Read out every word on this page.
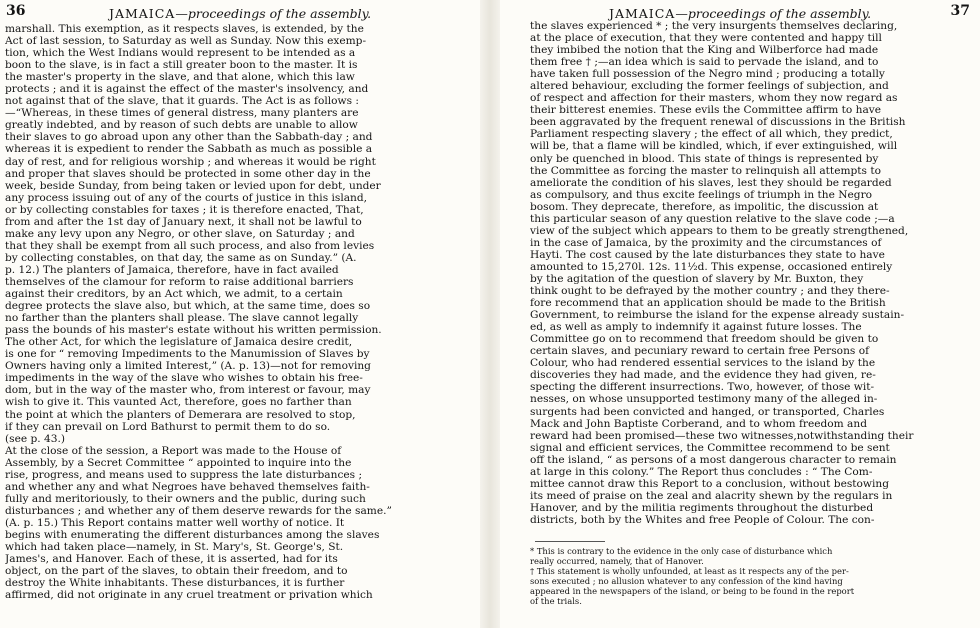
36	JAMAICA—proceedings of the assembly.
marshall. This exemption, as it respects slaves, is extended, by the
Act of last session, to Saturday as well as Sunday. Now this exemp-
tion, which the West Indians would represent to be intended as a
boon to the slave, is in fact a still greater boon to the master. It is
the master's property in the slave, and that alone, which this law
protects ; and it is against the effect of the master's insolvency, and
not against that of the slave, that it guards. The Act is as follows :
—“Whereas, in these times of general distress, many planters are
greatly indebted, and by reason of such debts are unable to allow
their slaves to go abroad upon any other than the Sabbath-day ; and
whereas it is expedient to render the Sabbath as much as possible a
day of rest, and for religious worship ; and whereas it would be right
and proper that slaves should be protected in some other day in the
week, beside Sunday, from being taken or levied upon for debt, under
any process issuing out of any of the courts of justice in this island,
or by collecting constables for taxes ; it is therefore enacted, That,
from and after the 1st day of January next, it shall not be lawful to
make any levy upon any Negro, or other slave, on Saturday ; and
that they shall be exempt from all such process, and also from levies
by collecting constables, on that day, the same as on Sunday.” (A.
p. 12.) The planters of Jamaica, therefore, have in fact availed
themselves of the clamour for reform to raise additional barriers
against their creditors, by an Act which, we admit, to a certain
degree protects the slave also, but which, at the same time, does so
no farther than the planters shall please. The slave cannot legally
pass the bounds of his master's estate without his written permission.
The other Act, for which the legislature of Jamaica desire credit,
is one for “ removing Impediments to the Manumission of Slaves by
Owners having only a limited Interest,” (A. p. 13)—not for removing
impediments in the way of the slave who wishes to obtain his free-
dom, but in the way of the master who, from interest or favour, may
wish to give it. This vaunted Act, therefore, goes no farther than
the point at which the planters of Demerara are resolved to stop,
if they can prevail on Lord Bathurst to permit them to do so.
(see p. 43.)
At the close of the session, a Report was made to the House of
Assembly, by a Secret Committee “ appointed to inquire into the
rise, progress, and means used to suppress the late disturbances ;
and whether any and what Negroes have behaved themselves faith-
fully and meritoriously, to their owners and the public, during such
disturbances ; and whether any of them deserve rewards for the same.”
(A. p. 15.) This Report contains matter well worthy of notice. It
begins with enumerating the different disturbances among the slaves
which had taken place—namely, in St. Mary's, St. George's, St.
James's, and Hanover. Each of these, it is asserted, had for its
object, on the part of the slaves, to obtain their freedom, and to
destroy the White inhabitants. These disturbances, it is further
affirmed, did not originate in any cruel treatment or privation which
JAMAICA—proceedings of the assembly.	37
the slaves experienced * ; the very insurgents themselves declaring,
at the place of execution, that they were contented and happy till
they imbibed the notion that the King and Wilberforce had made
them free † ;—an idea which is said to pervade the island, and to
have taken full possession of the Negro mind ; producing a totally
altered behaviour, excluding the former feelings of subjection, and
of respect and affection for their masters, whom they now regard as
their bitterest enemies. These evils the Committee affirm to have
been aggravated by the frequent renewal of discussions in the British
Parliament respecting slavery ; the effect of all which, they predict,
will be, that a flame will be kindled, which, if ever extinguished, will
only be quenched in blood. This state of things is represented by
the Committee as forcing the master to relinquish all attempts to
ameliorate the condition of his slaves, lest they should be regarded
as compulsory, and thus excite feelings of triumph in the Negro
bosom. They deprecate, therefore, as impolitic, the discussion at
this particular season of any question relative to the slave code ;—a
view of the subject which appears to them to be greatly strengthened,
in the case of Jamaica, by the proximity and the circumstances of
Hayti. The cost caused by the late disturbances they state to have
amounted to 15,270l. 12s. 11½d. This expense, occasioned entirely
by the agitation of the question of slavery by Mr. Buxton, they
think ought to be defrayed by the mother country ; and they there-
fore recommend that an application should be made to the British
Government, to reimburse the island for the expense already sustain-
ed, as well as amply to indemnify it against future losses. The
Committee go on to recommend that freedom should be given to
certain slaves, and pecuniary reward to certain free Persons of
Colour, who had rendered essential services to the island by the
discoveries they had made, and the evidence they had given, re-
specting the different insurrections. Two, however, of those wit-
nesses, on whose unsupported testimony many of the alleged in-
surgents had been convicted and hanged, or transported, Charles
Mack and John Baptiste Corberand, and to whom freedom and
reward had been promised—these two witnesses,notwithstanding their
signal and efficient services, the Committee recommend to be sent
off the island, “ as persons of a most dangerous character to remain
at large in this colony.” The Report thus concludes : “ The Com-
mittee cannot draw this Report to a conclusion, without bestowing
its meed of praise on the zeal and alacrity shewn by the regulars in
Hanover, and by the militia regiments throughout the disturbed
districts, both by the Whites and free People of Colour. The con-
* This is contrary to the evidence in the only case of disturbance which
really occurred, namely, that of Hanover.
† This statement is wholly unfounded, at least as it respects any of the per-
sons executed ; no allusion whatever to any confession of the kind having
appeared in the newspapers of the island, or being to be found in the report
of the trials.
